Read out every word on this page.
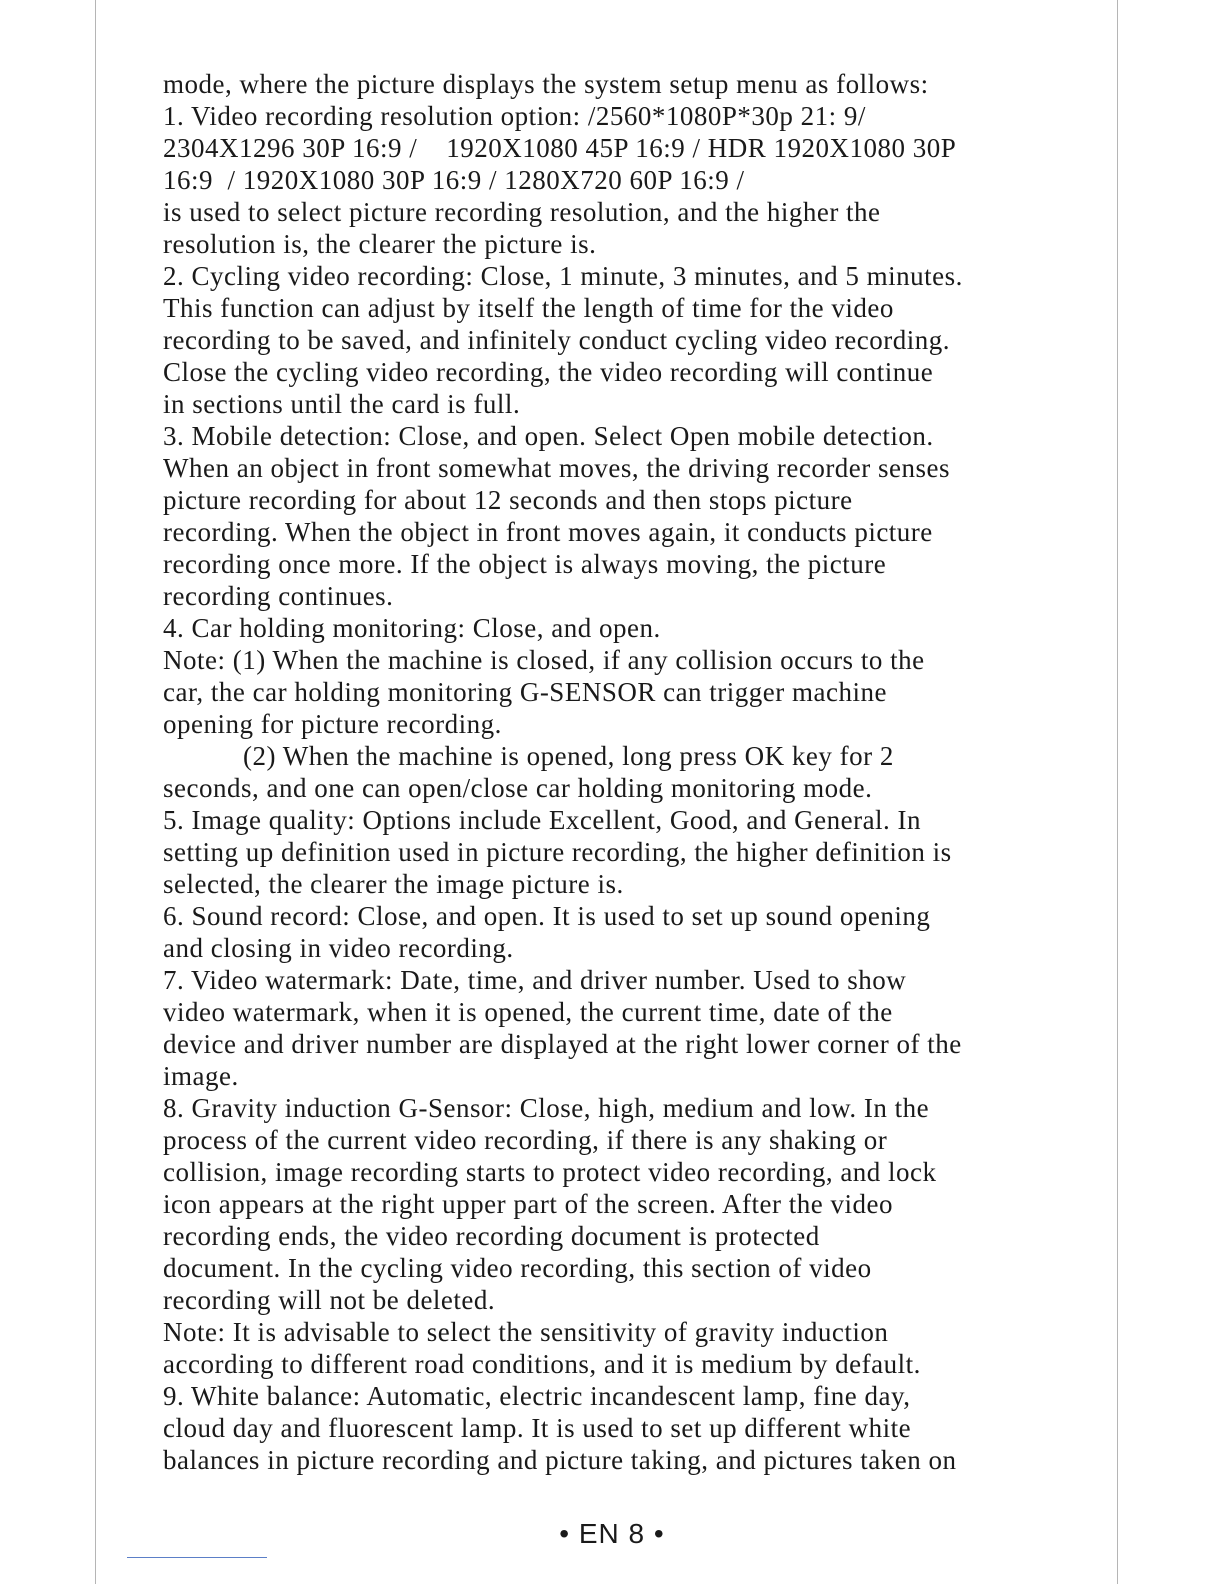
mode, where the picture displays the system setup menu as follows:
1. Video recording resolution option: /2560*1080P*30p 21: 9/
2304X1296 30P 16:9 /    1920X1080 45P 16:9 / HDR 1920X1080 30P
16:9  / 1920X1080 30P 16:9 / 1280X720 60P 16:9 /
is used to select picture recording resolution, and the higher the
resolution is, the clearer the picture is.
2. Cycling video recording: Close, 1 minute, 3 minutes, and 5 minutes.
This function can adjust by itself the length of time for the video
recording to be saved, and infinitely conduct cycling video recording.
Close the cycling video recording, the video recording will continue
in sections until the card is full.
3. Mobile detection: Close, and open. Select Open mobile detection.
When an object in front somewhat moves, the driving recorder senses
picture recording for about 12 seconds and then stops picture
recording. When the object in front moves again, it conducts picture
recording once more. If the object is always moving, the picture
recording continues.
4. Car holding monitoring: Close, and open.
Note: (1) When the machine is closed, if any collision occurs to the
car, the car holding monitoring G-SENSOR can trigger machine
opening for picture recording.
(2) When the machine is opened, long press OK key for 2
seconds, and one can open/close car holding monitoring mode.
5. Image quality: Options include Excellent, Good, and General. In
setting up definition used in picture recording, the higher definition is
selected, the clearer the image picture is.
6. Sound record: Close, and open. It is used to set up sound opening
and closing in video recording.
7. Video watermark: Date, time, and driver number. Used to show
video watermark, when it is opened, the current time, date of the
device and driver number are displayed at the right lower corner of the
image.
8. Gravity induction G-Sensor: Close, high, medium and low. In the
process of the current video recording, if there is any shaking or
collision, image recording starts to protect video recording, and lock
icon appears at the right upper part of the screen. After the video
recording ends, the video recording document is protected
document. In the cycling video recording, this section of video
recording will not be deleted.
Note: It is advisable to select the sensitivity of gravity induction
according to different road conditions, and it is medium by default.
9. White balance: Automatic, electric incandescent lamp, fine day,
cloud day and fluorescent lamp. It is used to set up different white
balances in picture recording and picture taking, and pictures taken on
• EN 8 •
